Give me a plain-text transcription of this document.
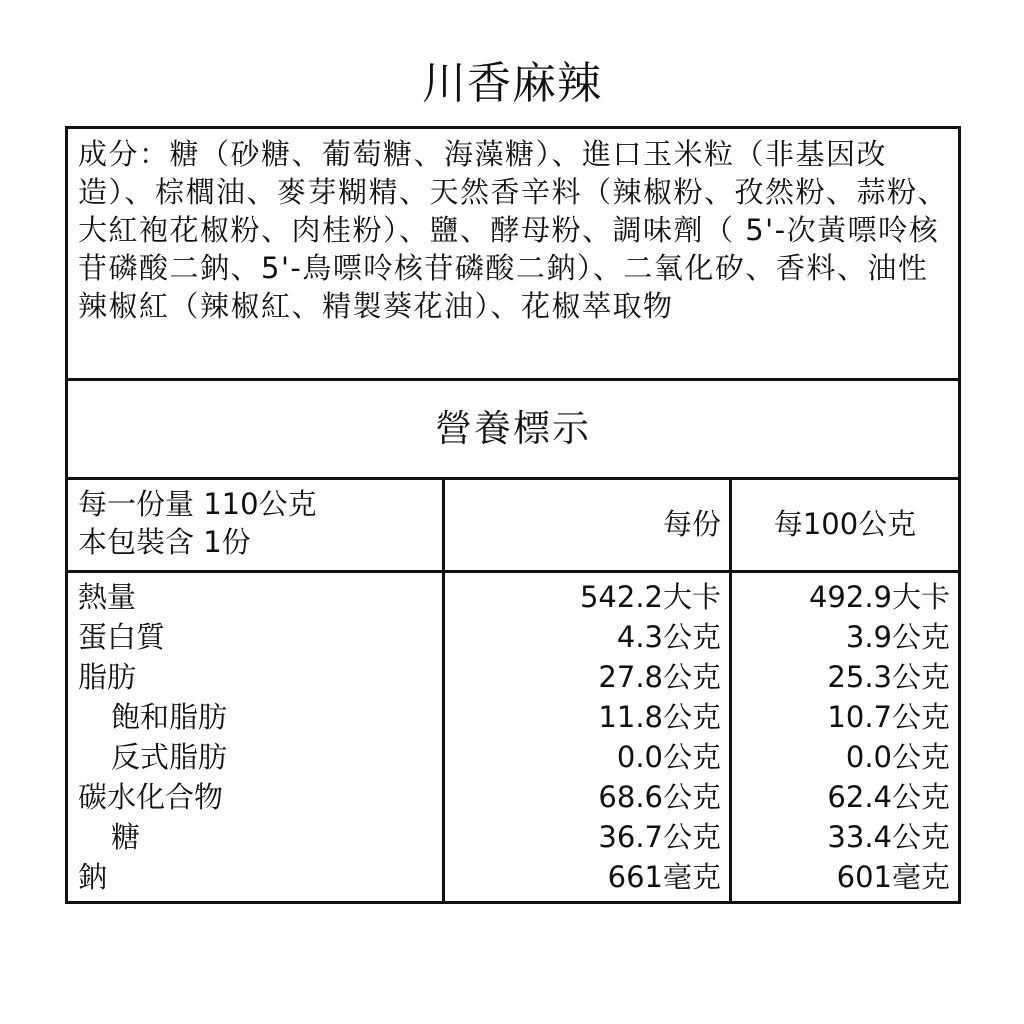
川香麻辣

成分：糖（砂糖、葡萄糖、海藻糖）、進口玉米粒（非基因改造）、棕櫚油、麥芽糊精、天然香辛料（辣椒粉、孜然粉、蒜粉、大紅袍花椒粉、肉桂粉）、鹽、酵母粉、調味劑（ 5'-次黃嘌呤核苷磷酸二鈉、5'-鳥嘌呤核苷磷酸二鈉）、二氧化矽、香料、油性辣椒紅（辣椒紅、精製葵花油）、花椒萃取物

營養標示
每一份量 110公克
本包裝含 1份
每份	每100公克
熱量	542.2大卡	492.9大卡
蛋白質	4.3公克	3.9公克
脂肪	27.8公克	25.3公克
飽和脂肪	11.8公克	10.7公克
反式脂肪	0.0公克	0.0公克
碳水化合物	68.6公克	62.4公克
糖	36.7公克	33.4公克
鈉	661毫克	601毫克
